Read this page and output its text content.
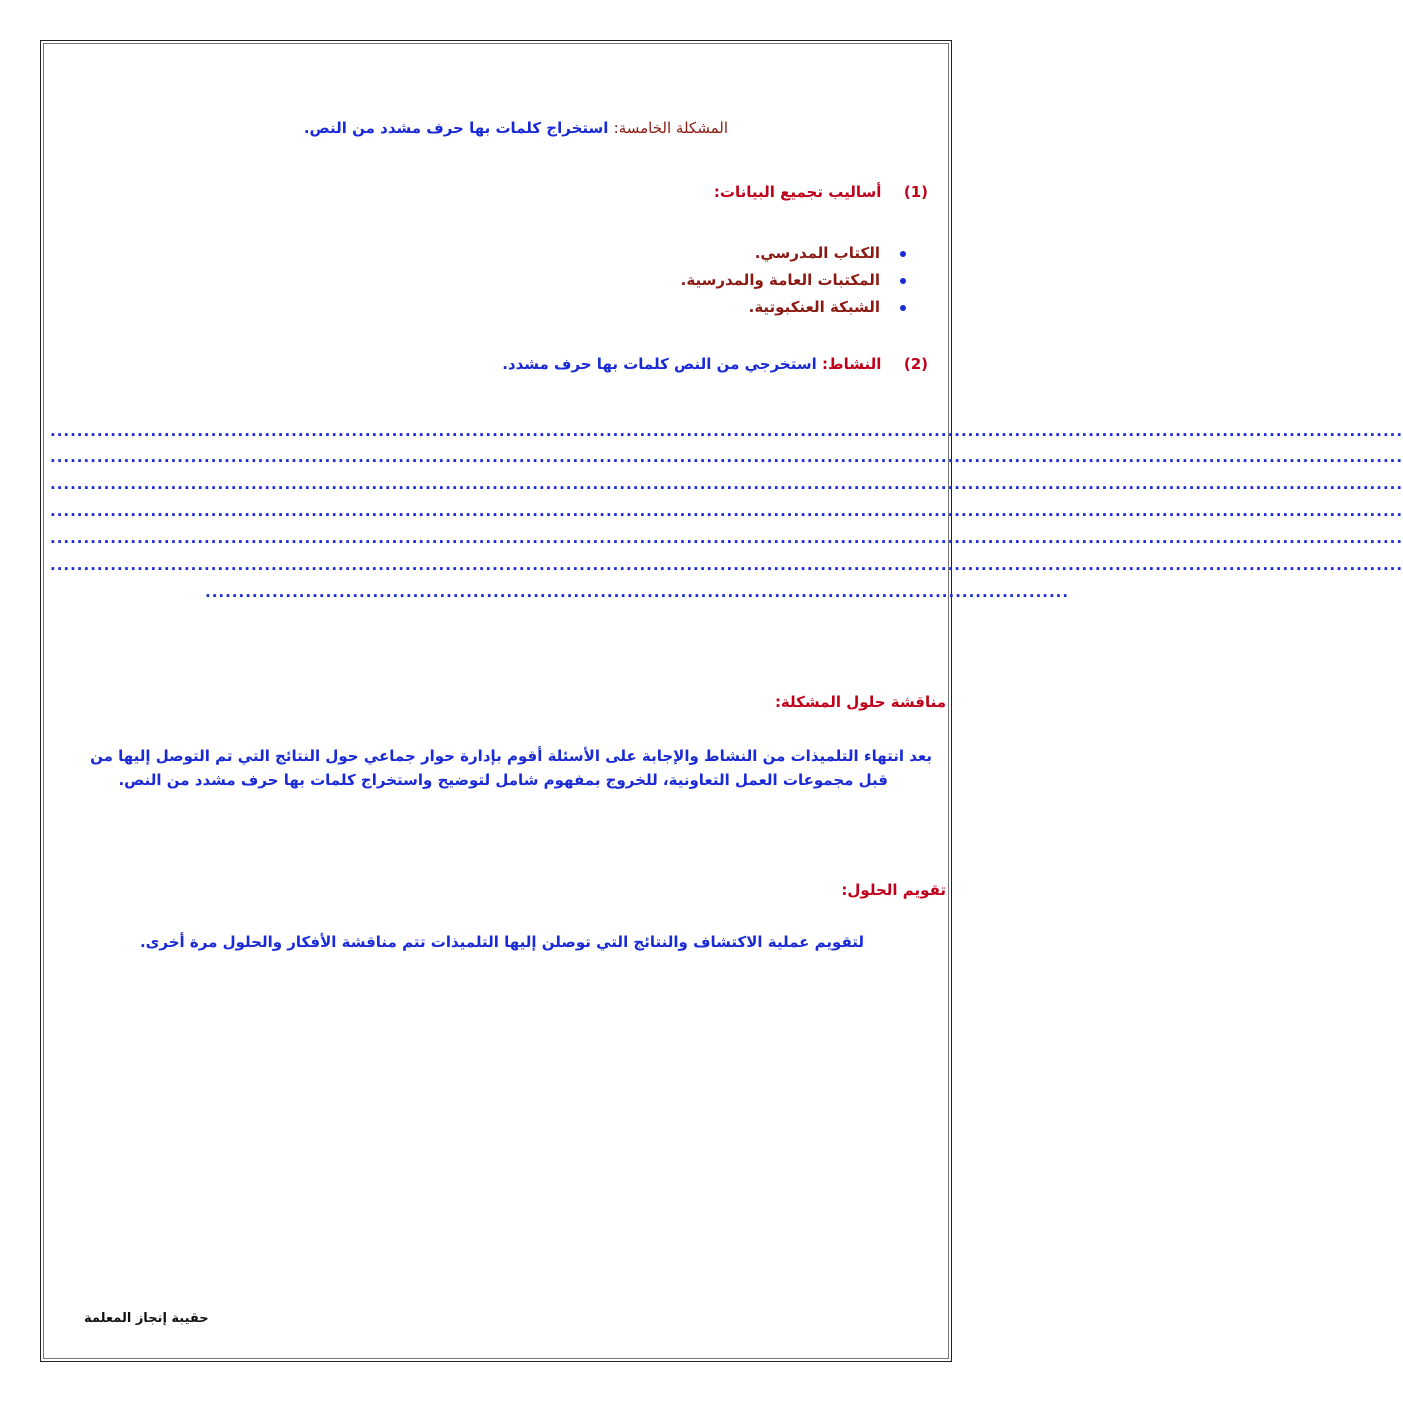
المشكلة الخامسة: استخراج كلمات بها حرف مشدد من النص.
(1)  أساليب تجميع البيانات:
الكتاب المدرسي.
المكتبات العامة والمدرسية.
الشبكة العنكبوتية.
(2)  النشاط: استخرجي من النص كلمات بها حرف مشدد.
..........................................................................................................................................................................................................
..........................................................................................................................................................................................................
..........................................................................................................................................................................................................
..........................................................................................................................................................................................................
..........................................................................................................................................................................................................
..........................................................................................................................................................................................................
.................................................................................................................................
مناقشة حلول المشكلة:
بعد انتهاء التلميذات من النشاط والإجابة على الأسئلة أقوم بإدارة حوار جماعي حول النتائج التي تم التوصل إليها من
قبل مجموعات العمل التعاونية، للخروج بمفهوم شامل لتوضيح واستخراج كلمات بها حرف مشدد من النص.
تقويم الحلول:
لتقويم عملية الاكتشاف والنتائج التي توصلن إليها التلميذات تتم مناقشة الأفكار والحلول مرة أخرى.
حقيبة إنجاز المعلمة
